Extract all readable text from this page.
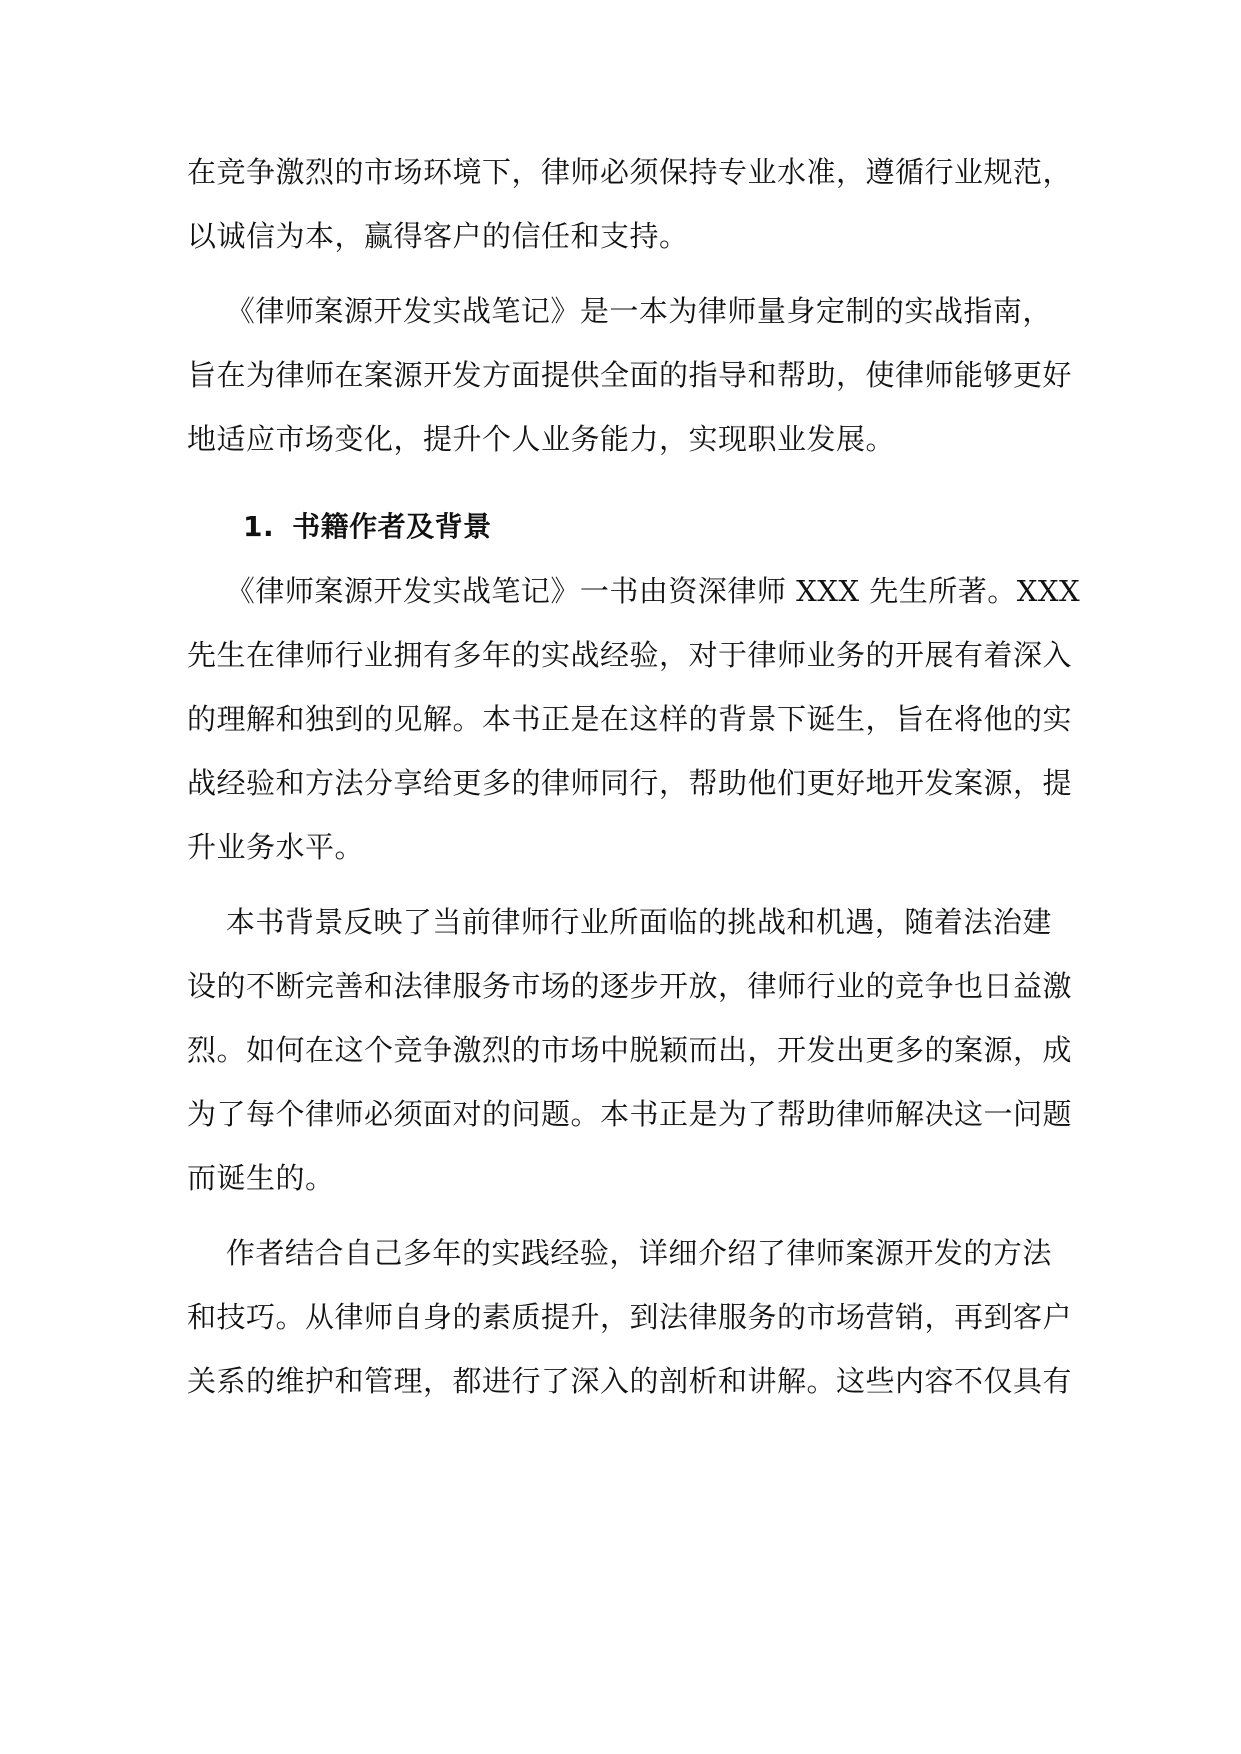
在竞争激烈的市场环境下，律师必须保持专业水准，遵循行业规范，
以诚信为本，赢得客户的信任和支持。
《律师案源开发实战笔记》是一本为律师量身定制的实战指南，
旨在为律师在案源开发方面提供全面的指导和帮助，使律师能够更好
地适应市场变化，提升个人业务能力，实现职业发展。
1. 书籍作者及背景
《律师案源开发实战笔记》一书由资深律师 XXX 先生所著。XXX
先生在律师行业拥有多年的实战经验，对于律师业务的开展有着深入
的理解和独到的见解。本书正是在这样的背景下诞生，旨在将他的实
战经验和方法分享给更多的律师同行，帮助他们更好地开发案源，提
升业务水平。
本书背景反映了当前律师行业所面临的挑战和机遇，随着法治建
设的不断完善和法律服务市场的逐步开放，律师行业的竞争也日益激
烈。如何在这个竞争激烈的市场中脱颖而出，开发出更多的案源，成
为了每个律师必须面对的问题。本书正是为了帮助律师解决这一问题
而诞生的。
作者结合自己多年的实践经验，详细介绍了律师案源开发的方法
和技巧。从律师自身的素质提升，到法律服务的市场营销，再到客户
关系的维护和管理，都进行了深入的剖析和讲解。这些内容不仅具有
